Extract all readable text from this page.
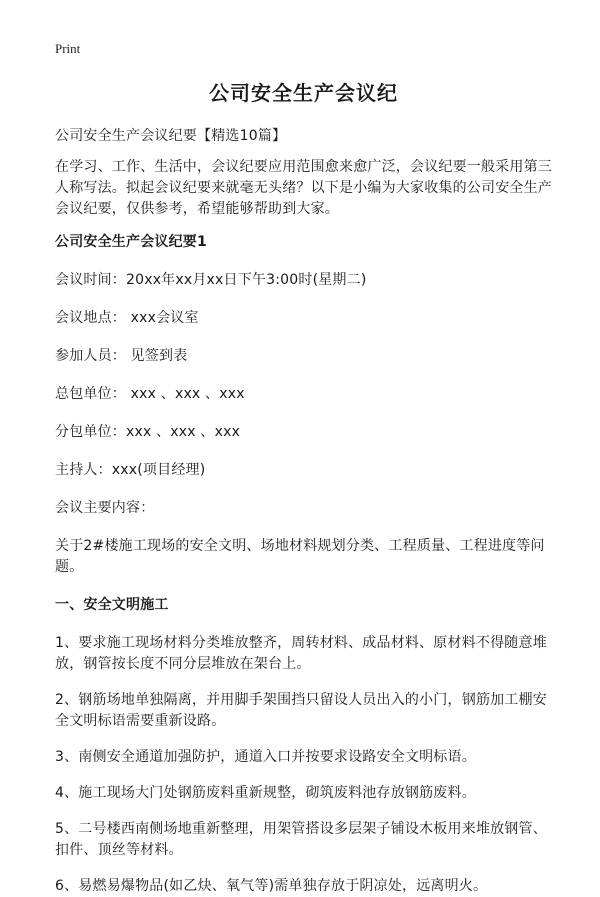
Print
公司安全生产会议纪

公司安全生产会议纪要【精选10篇】

在学习、工作、生活中，会议纪要应用范围愈来愈广泛，会议纪要一般采用第三人称写法。拟起会议纪要来就毫无头绪？以下是小编为大家收集的公司安全生产会议纪要，仅供参考，希望能够帮助到大家。

公司安全生产会议纪要1

会议时间：20xx年xx月xx日下午3:00时(星期二)

会议地点： xxx会议室

参加人员： 见签到表

总包单位： xxx 、xxx 、xxx

分包单位：xxx 、xxx 、xxx

主持人：xxx(项目经理)

会议主要内容：

关于2#楼施工现场的安全文明、场地材料规划分类、工程质量、工程进度等问题。

一、安全文明施工

1、要求施工现场材料分类堆放整齐，周转材料、成品材料、原材料不得随意堆放，钢管按长度不同分层堆放在架台上。

2、钢筋场地单独隔离，并用脚手架围挡只留设人员出入的小门，钢筋加工棚安全文明标语需要重新设路。

3、南侧安全通道加强防护，通道入口并按要求设路安全文明标语。

4、施工现场大门处钢筋废料重新规整，砌筑废料池存放钢筋废料。

5、二号楼西南侧场地重新整理，用架管搭设多层架子铺设木板用来堆放钢管、扣件、顶丝等材料。

6、易燃易爆物品(如乙炔、氧气等)需单独存放于阴凉处，远离明火。
